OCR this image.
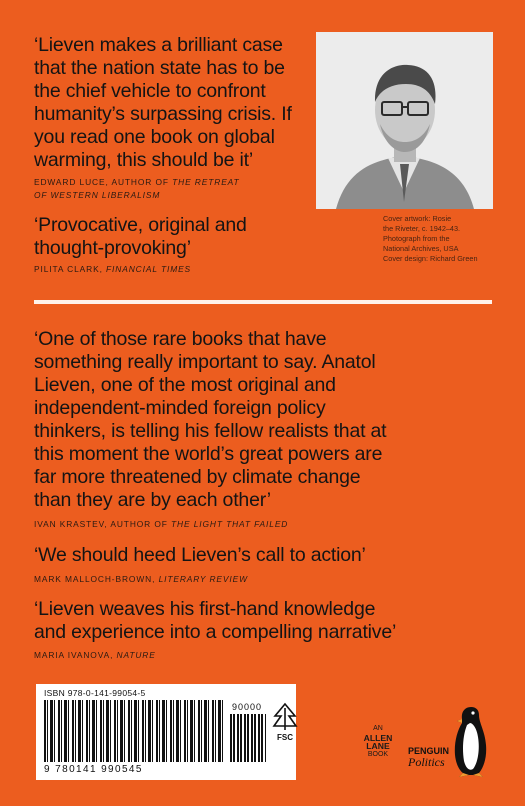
‘Lieven makes a brilliant case
that the nation state has to be
the chief vehicle to confront
humanity’s surpassing crisis. If
you read one book on global
warming, this should be it’
EDWARD LUCE, AUTHOR OF THE RETREAT
OF WESTERN LIBERALISM
‘Provocative, original and
thought-provoking’
PILITA CLARK, FINANCIAL TIMES
Cover artwork: Rosie
the Riveter, c. 1942–43.
Photograph from the
National Archives, USA
Cover design: Richard Green
‘One of those rare books that have
something really important to say. Anatol
Lieven, one of the most original and
independent-minded foreign policy
thinkers, is telling his fellow realists that at
this moment the world’s great powers are
far more threatened by climate change
than they are by each other’
IVAN KRASTEV, AUTHOR OF THE LIGHT THAT FAILED
‘We should heed Lieven’s call to action’
MARK MALLOCH-BROWN, LITERARY REVIEW
‘Lieven weaves his first-hand knowledge
and experience into a compelling narrative’
MARIA IVANOVA, NATURE
ISBN 978-0-141-99054-5
90000
9 780141 990545
FSC
AN
ALLEN
LANE
BOOK	PENGUIN
Politics
